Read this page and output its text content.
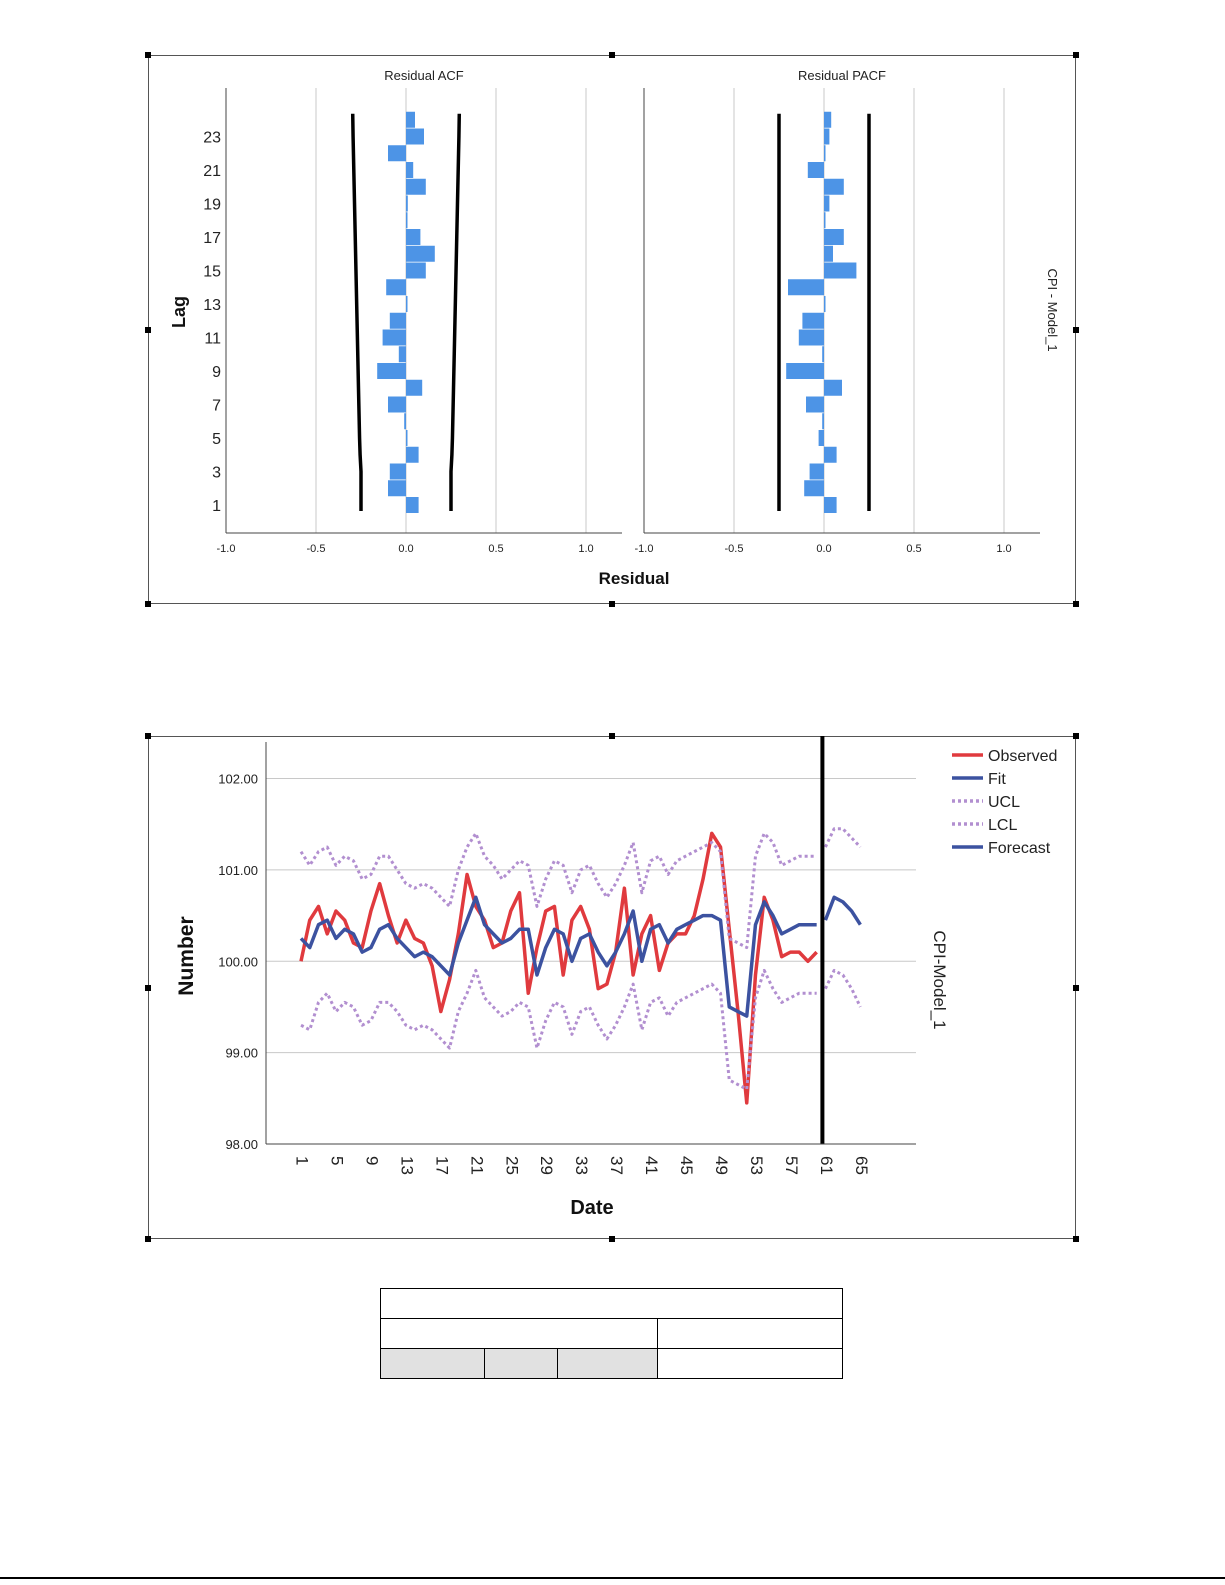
-1.0	-0.5	0.0	0.5	1.0
1
3
5
7
9
11
13
15
17
19
21
23
-1.0	-0.5	0.0	0.5	1.0
Residual ACF	Residual PACF
Lag
Residual
CPI - Model_1
98.00
99.00
100.00
101.00
102.00
1 5 9 13 17 21 25 29 33 37 41 45 49 53 57 61 65
Observed
Fit
UCL
LCL
Forecast
Number
Date
CPI-Model_1
